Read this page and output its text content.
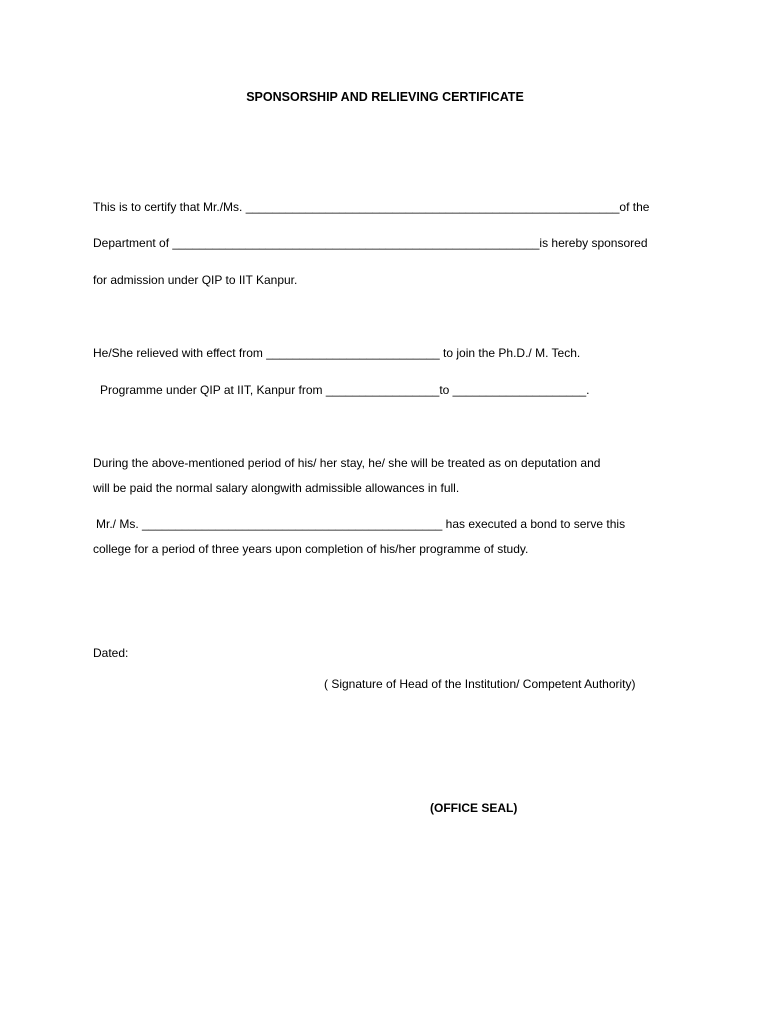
SPONSORSHIP AND RELIEVING CERTIFICATE
This is to certify that Mr./Ms. ________________________________________________________of the
Department of _______________________________________________________is hereby sponsored
for admission under QIP to IIT Kanpur.
He/She relieved with effect from __________________________ to join the Ph.D./ M. Tech.
Programme under QIP at IIT, Kanpur from _________________to ____________________.
During the above-mentioned period of his/ her stay, he/ she will be treated as on deputation and
will be paid the normal salary alongwith admissible allowances in full.
Mr./ Ms. _____________________________________________ has executed a bond to serve this
college for a period of three years upon completion of his/her programme of study.
Dated:
( Signature of Head of the Institution/ Competent Authority)
(OFFICE SEAL)
